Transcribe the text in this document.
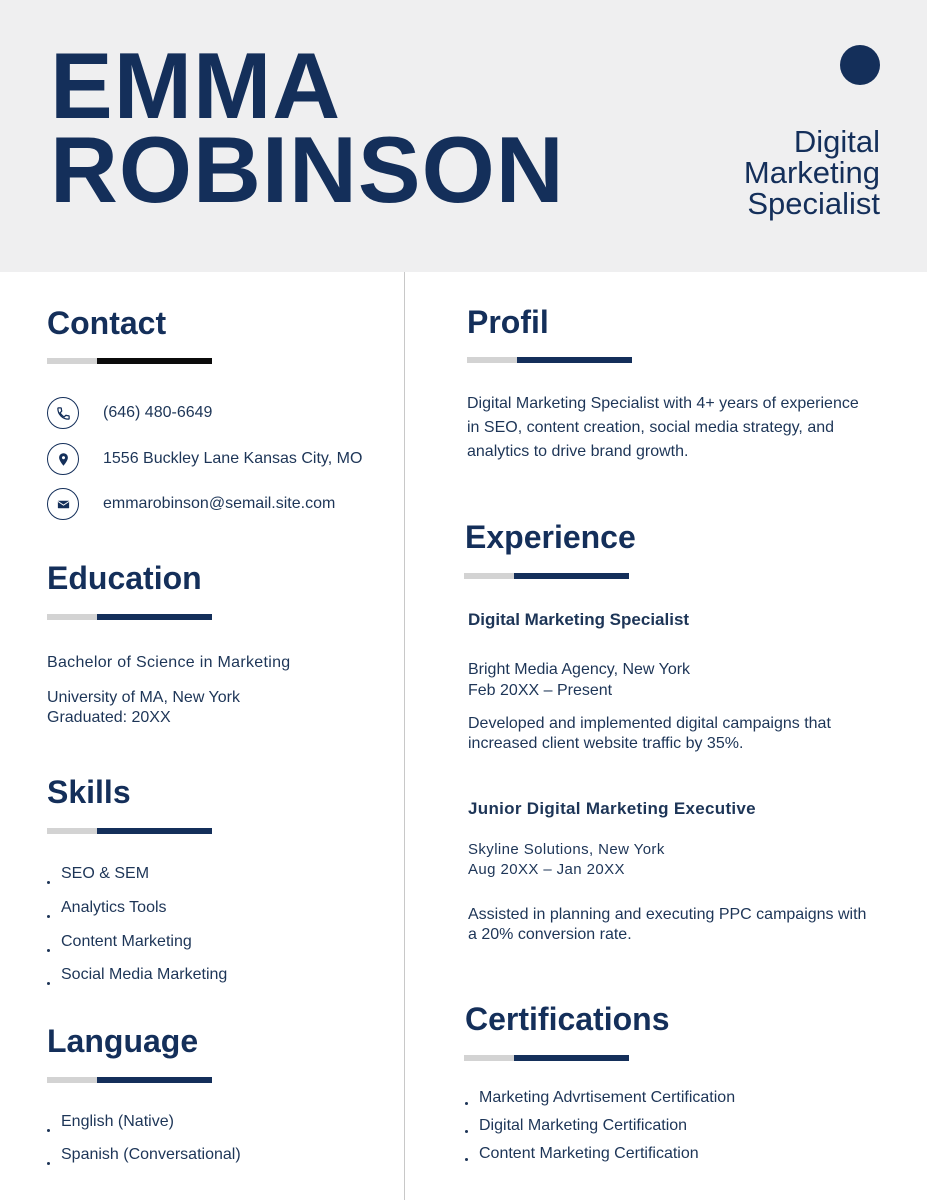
EMMA
ROBINSON	Digital
Marketing
Specialist
Contact
(646) 480-6649
1556 Buckley Lane Kansas City, MO
emmarobinson@semail.site.com
Education
Bachelor of Science in Marketing
University of MA, New York
Graduated: 20XX
Skills
SEO & SEM
Analytics Tools
Content Marketing
Social Media Marketing
Language
English (Native)
Spanish (Conversational)
Profil
Digital Marketing Specialist with 4+ years of experience in SEO, content creation, social media strategy, and analytics to drive brand growth.
Experience
Digital Marketing Specialist
Bright Media Agency, New York
Feb 20XX – Present
Developed and implemented digital campaigns that increased client website traffic by 35%.
Junior Digital Marketing Executive
Skyline Solutions, New York
Aug 20XX – Jan 20XX
Assisted in planning and executing PPC campaigns with a 20% conversion rate.
Certifications
Marketing Advrtisement Certification
Digital Marketing Certification
Content Marketing Certification
